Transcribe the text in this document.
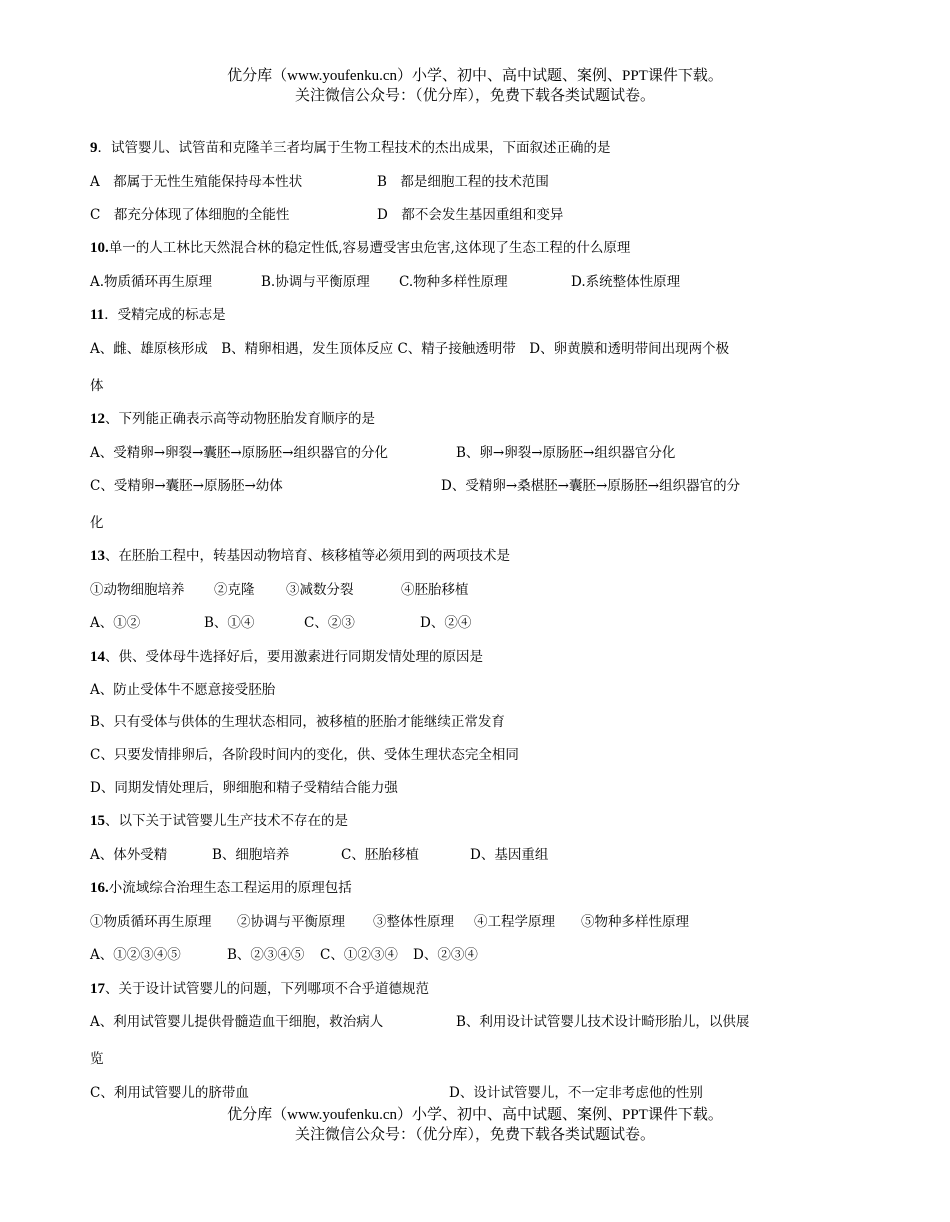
优分库（www.youfenku.cn）小学、初中、高中试题、案例、PPT课件下载。
关注微信公众号：（优分库），免费下载各类试题试卷。
9．试管婴儿、试管苗和克隆羊三者均属于生物工程技术的杰出成果，下面叙述正确的是
A　都属于无性生殖能保持母本性状	B　都是细胞工程的技术范围
C　都充分体现了体细胞的全能性	D　都不会发生基因重组和变异
10.单一的人工林比天然混合林的稳定性低,容易遭受害虫危害,这体现了生态工程的什么原理
A.物质循环再生原理	B.协调与平衡原理 C.物种多样性原理	D.系统整体性原理
11．受精完成的标志是
A、雌、雄原核形成　B、精卵相遇，发生顶体反应 C、精子接触透明带　D、卵黄膜和透明带间出现两个极
体
12、下列能正确表示高等动物胚胎发育顺序的是
A、受精卵→卵裂→囊胚→原肠胚→组织器官的分化	B、卵→卵裂→原肠胚→组织器官分化
C、受精卵→囊胚→原肠胚→幼体	D、受精卵→桑椹胚→囊胚→原肠胚→组织器官的分
化
13、在胚胎工程中，转基因动物培育、核移植等必须用到的两项技术是
①动物细胞培养 ②克隆 ③减数分裂	④胚胎移植
A、①②	B、①④	C、②③	D、②④
14、供、受体母牛选择好后，要用激素进行同期发情处理的原因是
A、防止受体牛不愿意接受胚胎
B、只有受体与供体的生理状态相同，被移植的胚胎才能继续正常发育
C、只要发情排卵后，各阶段时间内的变化，供、受体生理状态完全相同
D、同期发情处理后，卵细胞和精子受精结合能力强
15、以下关于试管婴儿生产技术不存在的是
A、体外受精	B、细胞培养	C、胚胎移植	D、基因重组
16.小流域综合治理生态工程运用的原理包括
①物质循环再生原理 ②协调与平衡原理 ③整体性原理 ④工程学原理 ⑤物种多样性原理
A、①②③④⑤	B、②③④⑤ C、①②③④ D、②③④
17、关于设计试管婴儿的问题，下列哪项不合乎道德规范
A、利用试管婴儿提供骨髓造血干细胞，救治病人	B、利用设计试管婴儿技术设计畸形胎儿，以供展
览
C、利用试管婴儿的脐带血	D、设计试管婴儿，不一定非考虑他的性别
优分库（www.youfenku.cn）小学、初中、高中试题、案例、PPT课件下载。
关注微信公众号：（优分库），免费下载各类试题试卷。
